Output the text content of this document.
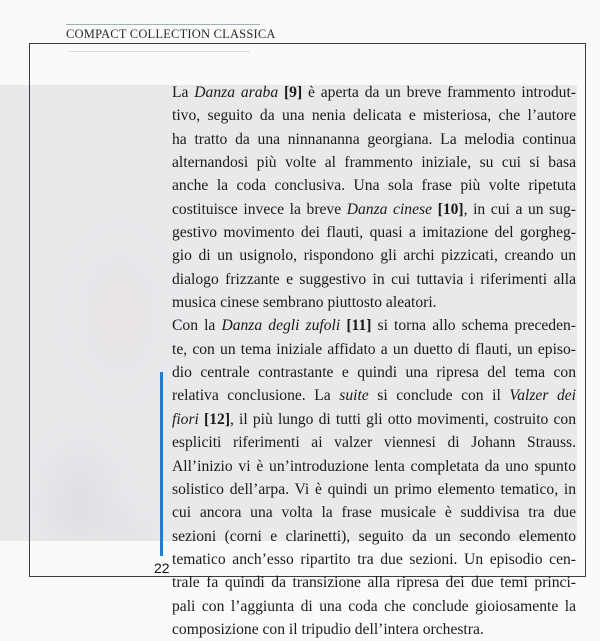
COMPACT COLLECTION CLASSICA

La Danza araba [9] è aperta da un breve frammento introdut-
tivo, seguito da una nenia delicata e misteriosa, che l’autore
ha tratto da una ninnananna georgiana. La melodia continua
alternandosi più volte al frammento iniziale, su cui si basa
anche la coda conclusiva. Una sola frase più volte ripetuta
costituisce invece la breve Danza cinese [10], in cui a un sug-
gestivo movimento dei flauti, quasi a imitazione del gorgheg-
gio di un usignolo, rispondono gli archi pizzicati, creando un
dialogo frizzante e suggestivo in cui tuttavia i riferimenti alla
musica cinese sembrano piuttosto aleatori.

Con la Danza degli zufoli [11] si torna allo schema preceden-
te, con un tema iniziale affidato a un duetto di flauti, un episo-
dio centrale contrastante e quindi una ripresa del tema con
relativa conclusione. La suite si conclude con il Valzer dei
fiori [12], il più lungo di tutti gli otto movimenti, costruito con
espliciti riferimenti ai valzer viennesi di Johann Strauss.
All’inizio vi è un’introduzione lenta completata da uno spunto
solistico dell’arpa. Vi è quindi un primo elemento tematico, in
cui ancora una volta la frase musicale è suddivisa tra due
sezioni (corni e clarinetti), seguito da un secondo elemento
tematico anch’esso ripartito tra due sezioni. Un episodio cen-
trale fa quindi da transizione alla ripresa dei due temi princi-
pali con l’aggiunta di una coda che conclude gioiosamente la
composizione con il tripudio dell’intera orchestra.

22
